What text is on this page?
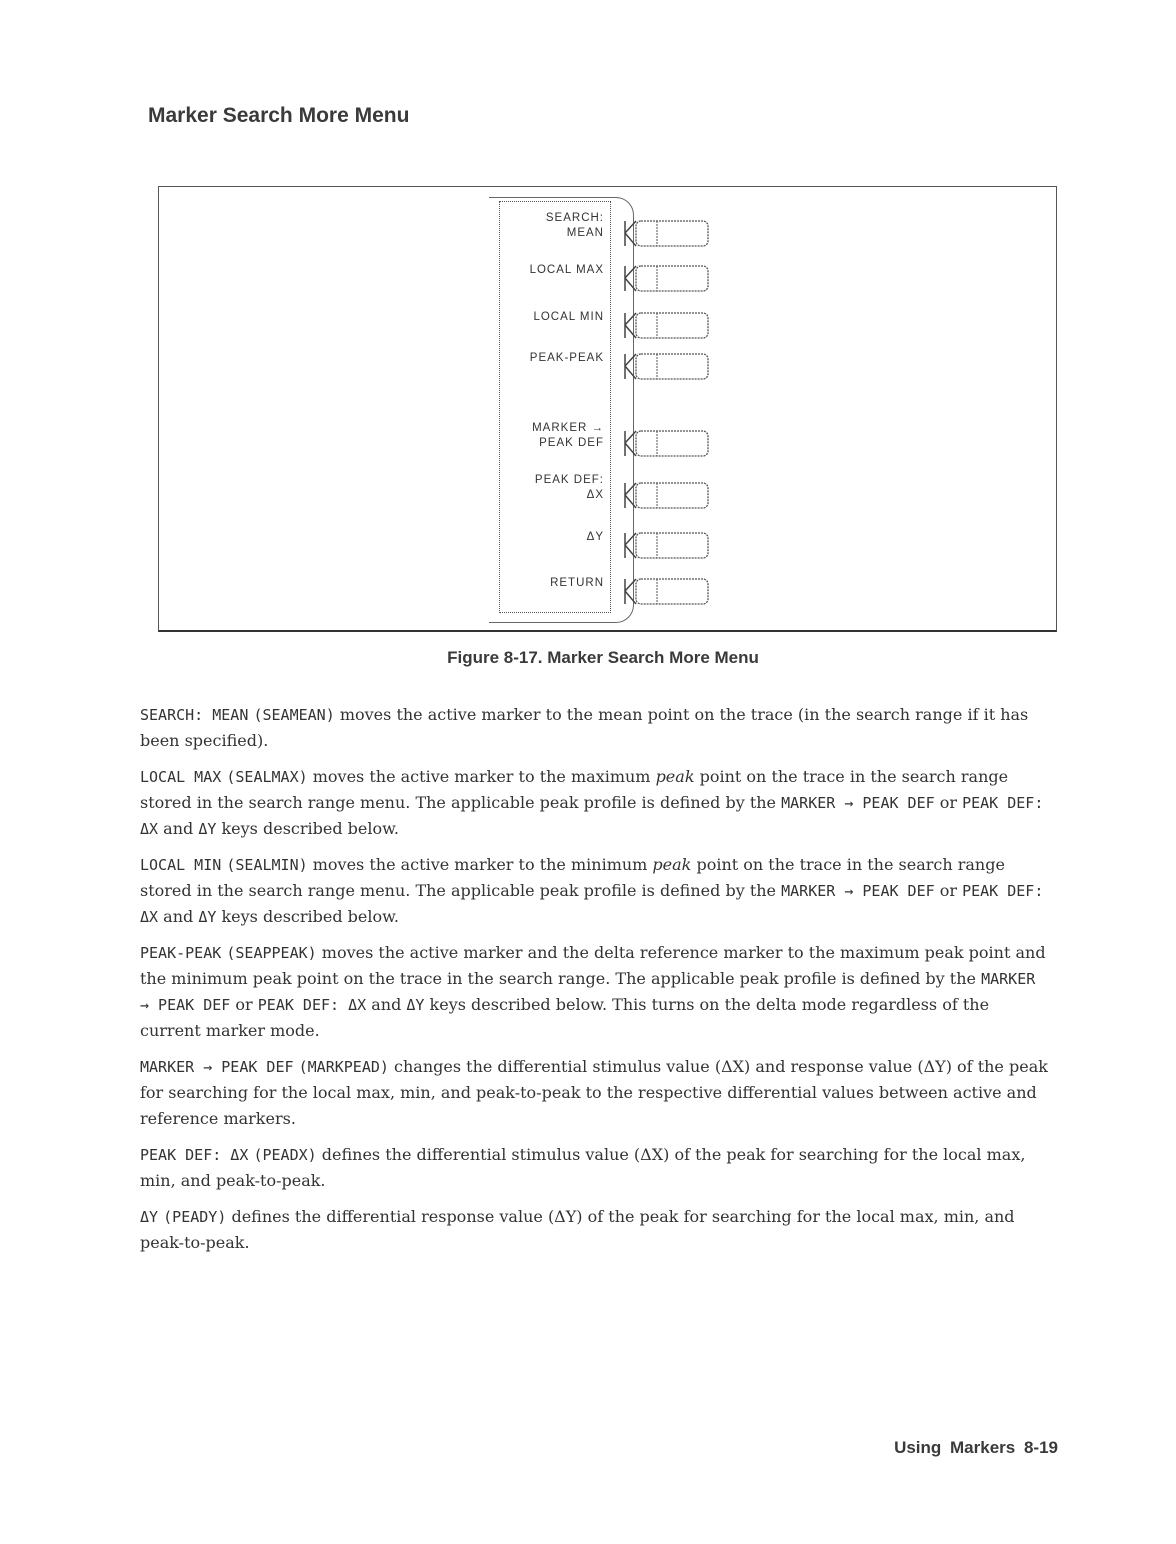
Marker Search More Menu
SEARCH:
MEAN
LOCAL MAX
LOCAL MIN
PEAK-PEAK
MARKER →
PEAK DEF
PEAK DEF:
ΔX
ΔY
RETURN
Figure 8-17. Marker Search More Menu

SEARCH: MEAN (SEAMEAN) moves the active marker to the mean point on the trace (in the search range if it has been specified).

LOCAL MAX (SEALMAX) moves the active marker to the maximum peak point on the trace in the search range stored in the search range menu. The applicable peak profile is defined by the MARKER → PEAK DEF or PEAK DEF: ΔX and ΔY keys described below.

LOCAL MIN (SEALMIN) moves the active marker to the minimum peak point on the trace in the search range stored in the search range menu. The applicable peak profile is defined by the MARKER → PEAK DEF or PEAK DEF: ΔX and ΔY keys described below.

PEAK-PEAK (SEAPPEAK) moves the active marker and the delta reference marker to the maximum peak point and the minimum peak point on the trace in the search range. The applicable peak profile is defined by the MARKER → PEAK DEF or PEAK DEF: ΔX and ΔY keys described below. This turns on the delta mode regardless of the current marker mode.

MARKER → PEAK DEF (MARKPEAD) changes the differential stimulus value (ΔX) and response value (ΔY) of the peak for searching for the local max, min, and peak-to-peak to the respective differential values between active and reference markers.

PEAK DEF: ΔX (PEADX) defines the differential stimulus value (ΔX) of the peak for searching for the local max, min, and peak-to-peak.

ΔY (PEADY) defines the differential response value (ΔY) of the peak for searching for the local max, min, and peak-to-peak.

Using Markers 8-19
